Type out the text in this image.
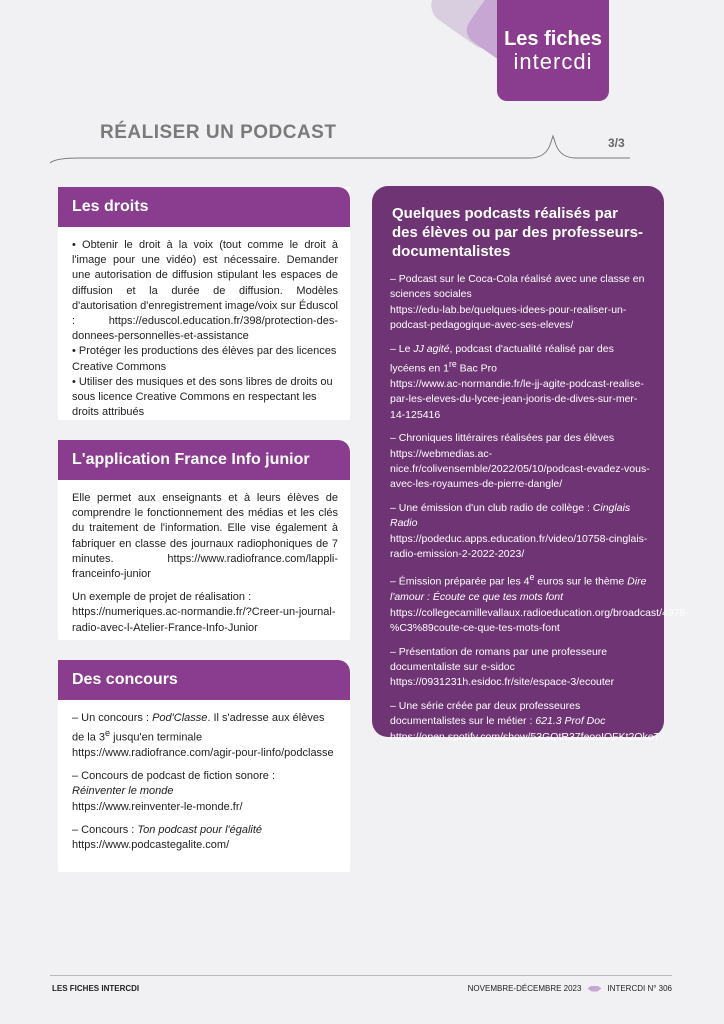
Les fiches
intercdi
RÉALISER UN PODCAST	3/3
Les droits

• Obtenir le droit à la voix (tout comme le droit à l'image pour une vidéo) est nécessaire. Demander une autorisation de diffusion stipulant les espaces de diffusion et la durée de diffusion. Modèles d'autorisation d'enregistrement image/voix sur Éduscol : https://eduscol.education.fr/398/protection-des-donnees-personnelles-et-assistance

• Protéger les productions des élèves par des licences Creative Commons

• Utiliser des musiques et des sons libres de droits ou sous licence Creative Commons en respectant les droits attribués

L'application France Info junior

Elle permet aux enseignants et à leurs élèves de comprendre le fonctionnement des médias et les clés du traitement de l'information. Elle vise également à fabriquer en classe des journaux radiophoniques de 7 minutes. https://www.radiofrance.com/lappli-franceinfo-junior

Un exemple de projet de réalisation : https://numeriques.ac-normandie.fr/?Creer-un-journal-radio-avec-l-Atelier-France-Info-Junior

Des concours

– Un concours : Pod'Classe. Il s'adresse aux élèves
de la 3e jusqu'en terminale
https://www.radiofrance.com/agir-pour-linfo/podclasse

– Concours de podcast de fiction sonore :
Réinventer le monde
https://www.reinventer-le-monde.fr/

– Concours : Ton podcast pour l'égalité
https://www.podcastegalite.com/

Quelques podcasts réalisés par des élèves ou par des professeurs-documentalistes

– Podcast sur le Coca-Cola réalisé avec une classe en sciences sociales
https://edu-lab.be/quelques-idees-pour-realiser-un-podcast-pedagogique-avec-ses-eleves/

– Le JJ agité, podcast d'actualité réalisé par des lycéens en 1re Bac Pro
https://www.ac-normandie.fr/le-jj-agite-podcast-realise-par-les-eleves-du-lycee-jean-jooris-de-dives-sur-mer-14-125416

– Chroniques littéraires réalisées par des élèves
https://webmedias.ac-nice.fr/colivensemble/2022/05/10/podcast-evadez-vous-avec-les-royaumes-de-pierre-dangle/

– Une émission d'un club radio de collège : Cinglais Radio
https://podeduc.apps.education.fr/video/10758-cinglais-radio-emission-2-2022-2023/

– Émission préparée par les 4e euros sur le thème Dire l'amour : Écoute ce que tes mots font
https://collegecamillevallaux.radioeducation.org/broadcast/4978-%C3%89coute-ce-que-tes-mots-font

– Présentation de romans par une professeure documentaliste sur e-sidoc
https://0931231h.esidoc.fr/site/espace-3/ecouter

– Une série créée par deux professeures documentalistes sur le métier : 621.3 Prof Doc
https://open.spotify.com/show/53GQtR37feooIOFKt2OkeT

LES FICHES INTERCDI	NOVEMBRE-DÉCEMBRE 2023	INTERCDI N° 306
